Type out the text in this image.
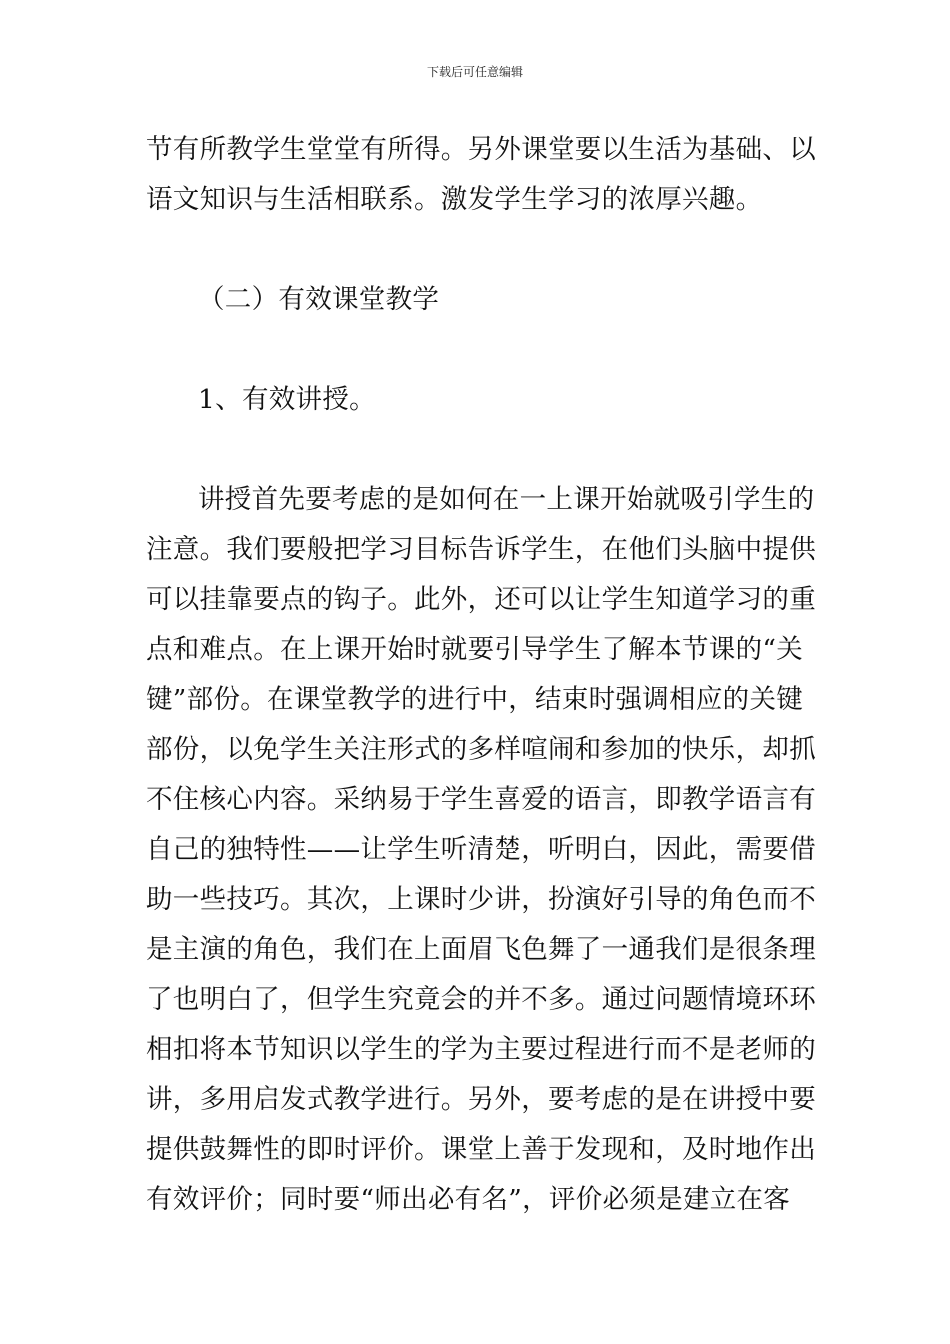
下载后可任意编辑
节有所教学生堂堂有所得。另外课堂要以生活为基础、以
语文知识与生活相联系。激发学生学习的浓厚兴趣。
（二）有效课堂教学
1、有效讲授。
讲授首先要考虑的是如何在一上课开始就吸引学生的
注意。我们要般把学习目标告诉学生，在他们头脑中提供
可以挂靠要点的钩子。此外，还可以让学生知道学习的重
点和难点。在上课开始时就要引导学生了解本节课的“关
键”部份。在课堂教学的进行中，结束时强调相应的关键
部份，以免学生关注形式的多样喧闹和参加的快乐，却抓
不住核心内容。采纳易于学生喜爱的语言，即教学语言有
自己的独特性——让学生听清楚，听明白，因此，需要借
助一些技巧。其次，上课时少讲，扮演好引导的角色而不
是主演的角色，我们在上面眉飞色舞了一通我们是很条理
了也明白了，但学生究竟会的并不多。通过问题情境环环
相扣将本节知识以学生的学为主要过程进行而不是老师的
讲，多用启发式教学进行。另外，要考虑的是在讲授中要
提供鼓舞性的即时评价。课堂上善于发现和，及时地作出
有效评价；同时要“师出必有名”，评价必须是建立在客
